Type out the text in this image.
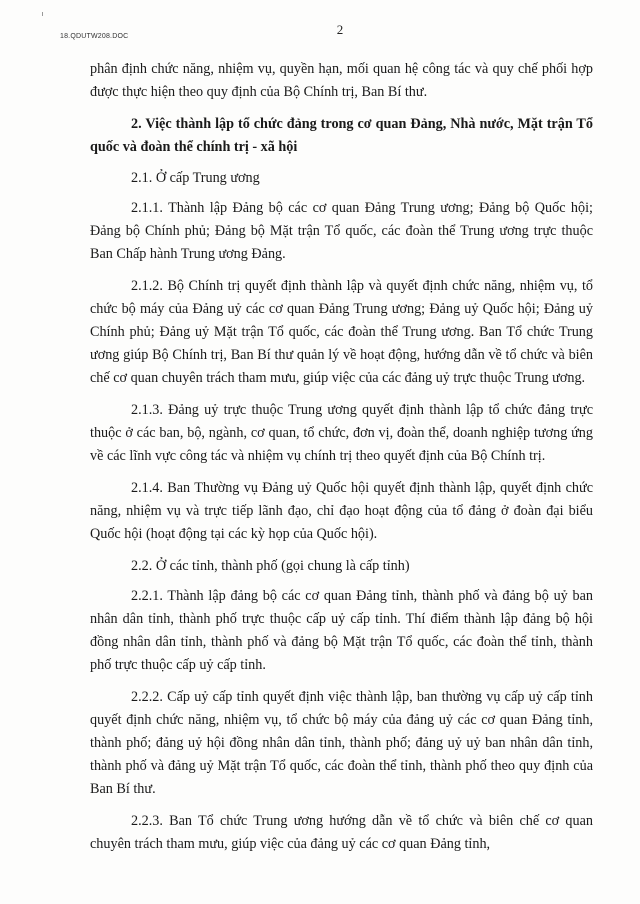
18.QDUTW208.DOC	2

phân định chức năng, nhiệm vụ, quyền hạn, mối quan hệ công tác và quy chế phối hợp được thực hiện theo quy định của Bộ Chính trị, Ban Bí thư.

2. Việc thành lập tổ chức đảng trong cơ quan Đảng, Nhà nước, Mặt trận Tổ quốc và đoàn thể chính trị - xã hội

2.1. Ở cấp Trung ương

2.1.1. Thành lập Đảng bộ các cơ quan Đảng Trung ương; Đảng bộ Quốc hội; Đảng bộ Chính phủ; Đảng bộ Mặt trận Tổ quốc, các đoàn thể Trung ương trực thuộc Ban Chấp hành Trung ương Đảng.

2.1.2. Bộ Chính trị quyết định thành lập và quyết định chức năng, nhiệm vụ, tổ chức bộ máy của Đảng uỷ các cơ quan Đảng Trung ương; Đảng uỷ Quốc hội; Đảng uỷ Chính phủ; Đảng uỷ Mặt trận Tổ quốc, các đoàn thể Trung ương. Ban Tổ chức Trung ương giúp Bộ Chính trị, Ban Bí thư quản lý về hoạt động, hướng dẫn về tổ chức và biên chế cơ quan chuyên trách tham mưu, giúp việc của các đảng uỷ trực thuộc Trung ương.

2.1.3. Đảng uỷ trực thuộc Trung ương quyết định thành lập tổ chức đảng trực thuộc ở các ban, bộ, ngành, cơ quan, tổ chức, đơn vị, đoàn thể, doanh nghiệp tương ứng về các lĩnh vực công tác và nhiệm vụ chính trị theo quyết định của Bộ Chính trị.

2.1.4. Ban Thường vụ Đảng uỷ Quốc hội quyết định thành lập, quyết định chức năng, nhiệm vụ và trực tiếp lãnh đạo, chỉ đạo hoạt động của tổ đảng ở đoàn đại biểu Quốc hội (hoạt động tại các kỳ họp của Quốc hội).

2.2. Ở các tỉnh, thành phố (gọi chung là cấp tỉnh)

2.2.1. Thành lập đảng bộ các cơ quan Đảng tỉnh, thành phố và đảng bộ uỷ ban nhân dân tỉnh, thành phố trực thuộc cấp uỷ cấp tỉnh. Thí điểm thành lập đảng bộ hội đồng nhân dân tỉnh, thành phố và đảng bộ Mặt trận Tổ quốc, các đoàn thể tỉnh, thành phố trực thuộc cấp uỷ cấp tỉnh.

2.2.2. Cấp uỷ cấp tỉnh quyết định việc thành lập, ban thường vụ cấp uỷ cấp tỉnh quyết định chức năng, nhiệm vụ, tổ chức bộ máy của đảng uỷ các cơ quan Đảng tỉnh, thành phố; đảng uỷ hội đồng nhân dân tỉnh, thành phố; đảng uỷ uỷ ban nhân dân tỉnh, thành phố và đảng uỷ Mặt trận Tổ quốc, các đoàn thể tỉnh, thành phố theo quy định của Ban Bí thư.

2.2.3. Ban Tổ chức Trung ương hướng dẫn về tổ chức và biên chế cơ quan chuyên trách tham mưu, giúp việc của đảng uỷ các cơ quan Đảng tỉnh,
